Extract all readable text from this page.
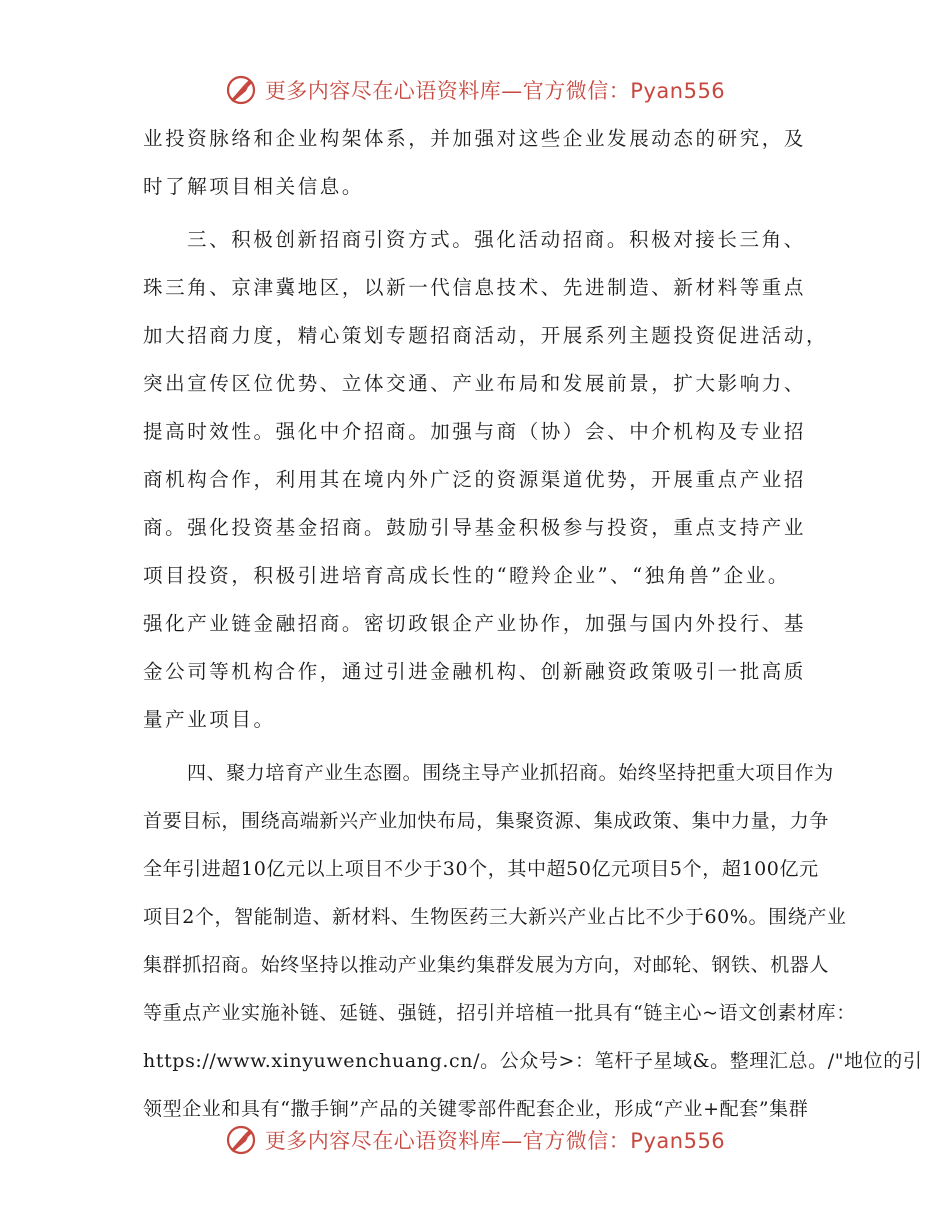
更多内容尽在心语资料库—官方微信：Pyan556
业投资脉络和企业构架体系，并加强对这些企业发展动态的研究，及
时了解项目相关信息。
三、积极创新招商引资方式。强化活动招商。积极对接长三角、
珠三角、京津冀地区，以新一代信息技术、先进制造、新材料等重点
加大招商力度，精心策划专题招商活动，开展系列主题投资促进活动，
突出宣传区位优势、立体交通、产业布局和发展前景，扩大影响力、
提高时效性。强化中介招商。加强与商（协）会、中介机构及专业招
商机构合作，利用其在境内外广泛的资源渠道优势，开展重点产业招
商。强化投资基金招商。鼓励引导基金积极参与投资，重点支持产业
项目投资，积极引进培育高成长性的“瞪羚企业”、“独角兽”企业。
强化产业链金融招商。密切政银企产业协作，加强与国内外投行、基
金公司等机构合作，通过引进金融机构、创新融资政策吸引一批高质
量产业项目。
四、聚力培育产业生态圈。围绕主导产业抓招商。始终坚持把重大项目作为
首要目标，围绕高端新兴产业加快布局，集聚资源、集成政策、集中力量，力争
全年引进超10亿元以上项目不少于30个，其中超50亿元项目5个，超100亿元
项目2个，智能制造、新材料、生物医药三大新兴产业占比不少于60%。围绕产业
集群抓招商。始终坚持以推动产业集约集群发展为方向，对邮轮、钢铁、机器人
等重点产业实施补链、延链、强链，招引并培植一批具有“链主心~语文创素材库：
https://www.xinyuwenchuang.cn/。公众号>：笔杆子星域&。整理汇总。/"地位的引
领型企业和具有“撒手锏”产品的关键零部件配套企业，形成“产业+配套”集群
更多内容尽在心语资料库—官方微信：Pyan556
